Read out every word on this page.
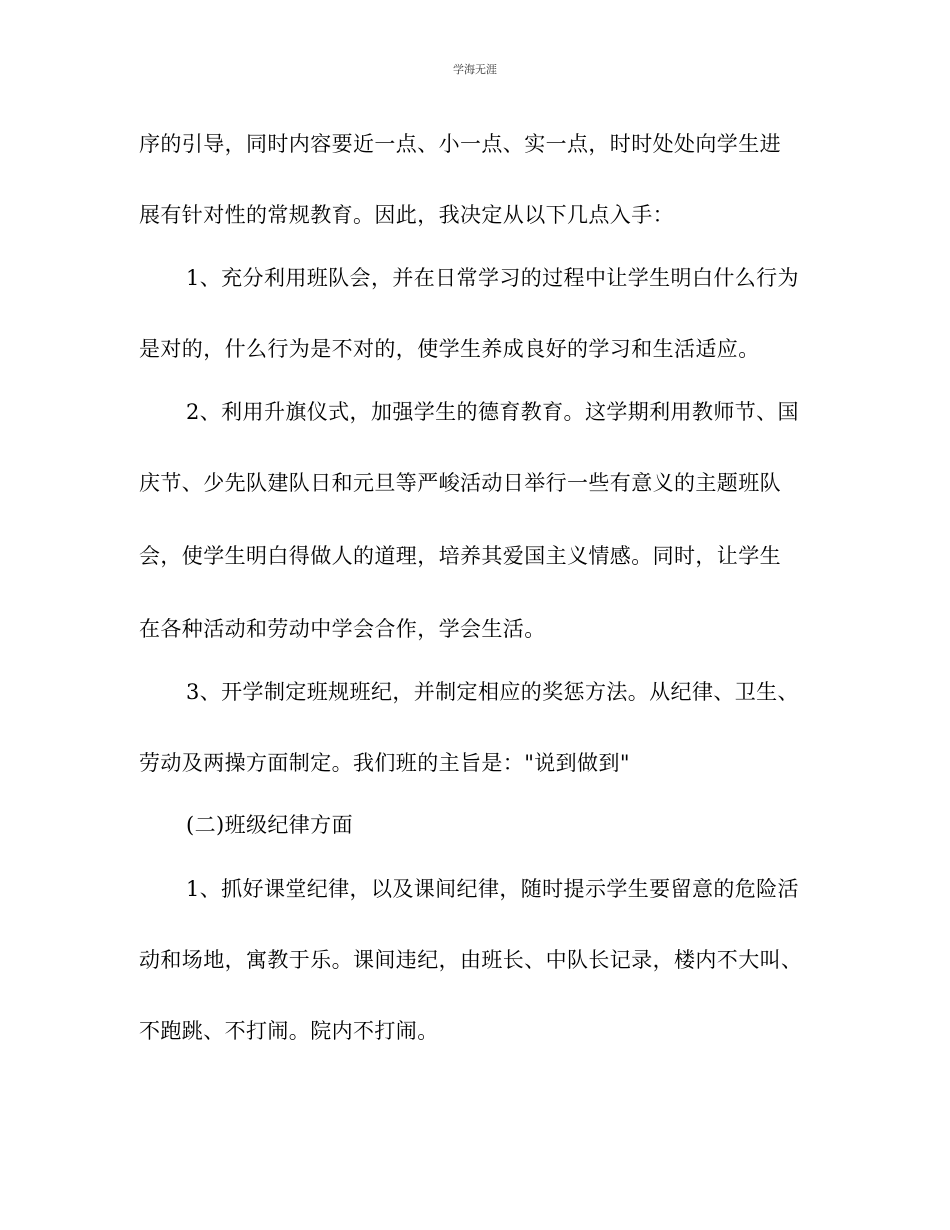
学海无涯
序的引导，同时内容要近一点、小一点、实一点，时时处处向学生进
展有针对性的常规教育。因此，我决定从以下几点入手：
1、充分利用班队会，并在日常学习的过程中让学生明白什么行为
是对的，什么行为是不对的，使学生养成良好的学习和生活适应。
2、利用升旗仪式，加强学生的德育教育。这学期利用教师节、国
庆节、少先队建队日和元旦等严峻活动日举行一些有意义的主题班队
会，使学生明白得做人的道理，培养其爱国主义情感。同时，让学生
在各种活动和劳动中学会合作，学会生活。
3、开学制定班规班纪，并制定相应的奖惩方法。从纪律、卫生、
劳动及两操方面制定。我们班的主旨是："说到做到"
(二)班级纪律方面
1、抓好课堂纪律，以及课间纪律，随时提示学生要留意的危险活
动和场地，寓教于乐。课间违纪，由班长、中队长记录，楼内不大叫、
不跑跳、不打闹。院内不打闹。
